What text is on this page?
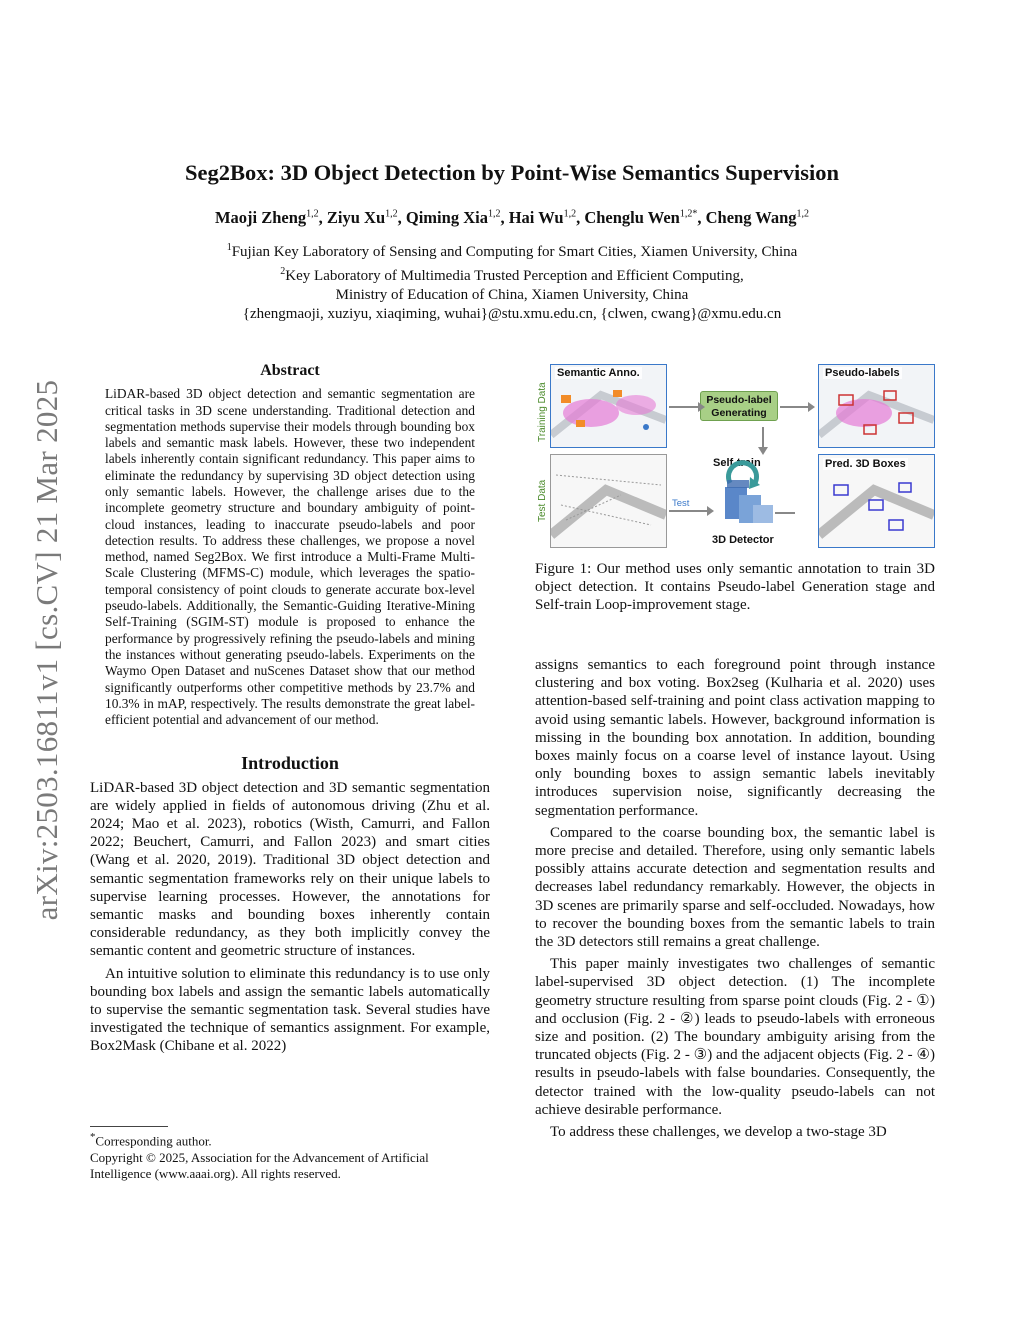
arXiv:2503.16811v1 [cs.CV] 21 Mar 2025
Seg2Box: 3D Object Detection by Point-Wise Semantics Supervision
Maoji Zheng$^{1,2}$, Ziyu Xu$^{1,2}$, Qiming Xia$^{1,2}$, Hai Wu$^{1,2}$, Chenglu Wen$^{1,2*}$, Cheng Wang$^{1,2}$
$^1$Fujian Key Laboratory of Sensing and Computing for Smart Cities, Xiamen University, China
$^2$Key Laboratory of Multimedia Trusted Perception and Efficient Computing,
Ministry of Education of China, Xiamen University, China
{zhengmaoji, xuziyu, xiaqiming, wuhai}@stu.xmu.edu.cn, {clwen, cwang}@xmu.edu.cn
Abstract

LiDAR-based 3D object detection and semantic segmentation are critical tasks in 3D scene understanding. Traditional detection and segmentation methods supervise their models through bounding box labels and semantic mask labels. However, these two independent labels inherently contain significant redundancy. This paper aims to eliminate the redundancy by supervising 3D object detection using only semantic labels. However, the challenge arises due to the incomplete geometry structure and boundary ambiguity of point-cloud instances, leading to inaccurate pseudo-labels and poor detection results. To address these challenges, we propose a novel method, named Seg2Box. We first introduce a Multi-Frame Multi-Scale Clustering (MFMS-C) module, which leverages the spatio-temporal consistency of point clouds to generate accurate box-level pseudo-labels. Additionally, the Semantic-Guiding Iterative-Mining Self-Training (SGIM-ST) module is proposed to enhance the performance by progressively refining the pseudo-labels and mining the instances without generating pseudo-labels. Experiments on the Waymo Open Dataset and nuScenes Dataset show that our method significantly outperforms other competitive methods by 23.7% and 10.3% in mAP, respectively. The results demonstrate the great label-efficient potential and advancement of our method.

Introduction

LiDAR-based 3D object detection and 3D semantic segmentation are widely applied in fields of autonomous driving (Zhu et al. 2024; Mao et al. 2023), robotics (Wisth, Camurri, and Fallon 2022; Beuchert, Camurri, and Fallon 2023) and smart cities (Wang et al. 2020, 2019). Traditional 3D object detection and semantic segmentation frameworks rely on their unique labels to supervise learning processes. However, the annotations for semantic masks and bounding boxes inherently contain considerable redundancy, as they both implicitly convey the semantic content and geometric structure of instances.

An intuitive solution to eliminate this redundancy is to use only bounding box labels and assign the semantic labels automatically to supervise the semantic segmentation task. Several studies have investigated the technique of semantics assignment. For example, Box2Mask (Chibane et al. 2022)

*Corresponding author.
Copyright © 2025, Association for the Advancement of Artificial Intelligence (www.aaai.org). All rights reserved.
Training Data
Test Data
Semantic Anno.
Pseudo-label Generating
Pseudo-labels
Pred. 3D Boxes
Self-train
3D Detector
Test
Figure 1: Our method uses only semantic annotation to train 3D object detection. It contains Pseudo-label Generation stage and Self-train Loop-improvement stage.

assigns semantics to each foreground point through instance clustering and box voting. Box2seg (Kulharia et al. 2020) uses attention-based self-training and point class activation mapping to avoid using semantic labels. However, background information is missing in the bounding box annotation. In addition, bounding boxes mainly focus on a coarse level of instance layout. Using only bounding boxes to assign semantic labels inevitably introduces supervision noise, significantly decreasing the segmentation performance.

Compared to the coarse bounding box, the semantic label is more precise and detailed. Therefore, using only semantic labels possibly attains accurate detection and segmentation results and decreases label redundancy remarkably. However, the objects in 3D scenes are primarily sparse and self-occluded. Nowadays, how to recover the bounding boxes from the semantic labels to train the 3D detectors still remains a great challenge.

This paper mainly investigates two challenges of semantic label-supervised 3D object detection. (1) The incomplete geometry structure resulting from sparse point clouds (Fig. 2 - ①) and occlusion (Fig. 2 - ②) leads to pseudo-labels with erroneous size and position. (2) The boundary ambiguity arising from the truncated objects (Fig. 2 - ③) and the adjacent objects (Fig. 2 - ④) results in pseudo-labels with false boundaries. Consequently, the detector trained with the low-quality pseudo-labels can not achieve desirable performance.

To address these challenges, we develop a two-stage 3D
